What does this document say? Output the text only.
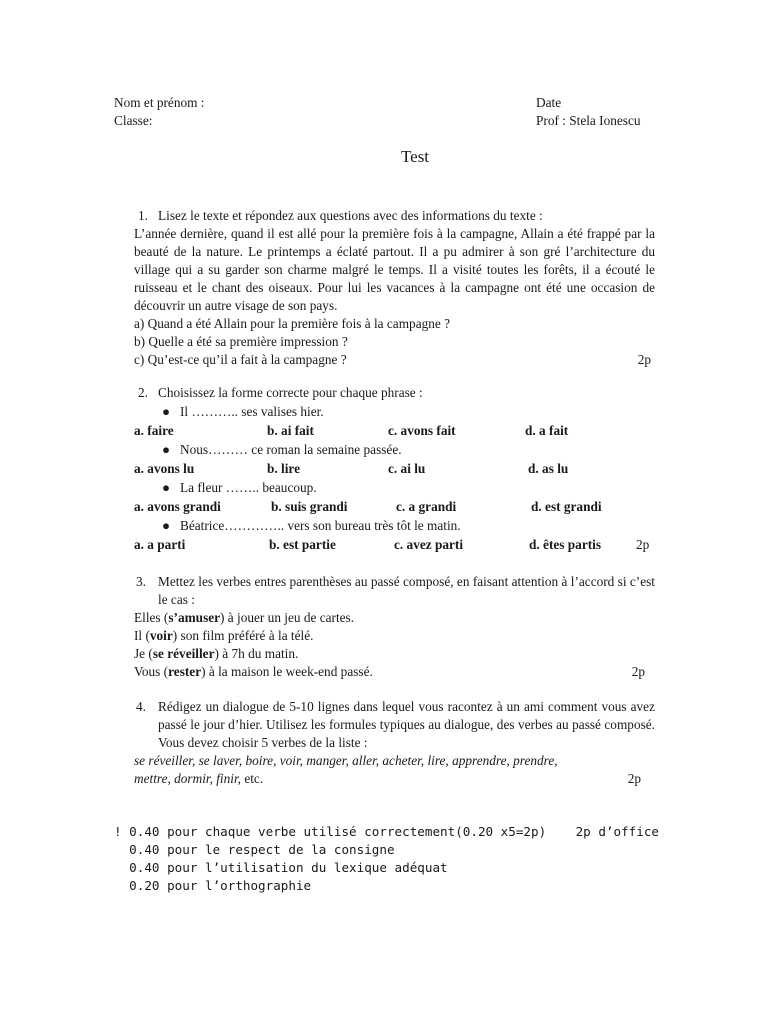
Nom et prénom :
Classe:
Date
Prof : Stela Ionescu
Test
1. Lisez le texte et répondez aux questions avec des informations du texte :
L’année dernière, quand il est allé pour la première fois à la campagne, Allain a été frappé par la beauté de la nature. Le printemps a éclaté partout. Il a pu admirer à son gré l’architecture du village qui a su garder son charme malgré le temps. Il a visité toutes les forêts, il a écouté le ruisseau et le chant des oiseaux. Pour lui les vacances à la campagne ont été une occasion de découvrir un autre visage de son pays.
a) Quand a été Allain pour la première fois à la campagne ?
b) Quelle a été sa première impression ?
c) Qu’est-ce qu’il a fait à la campagne ?	2p
2. Choisissez la forme correcte pour chaque phrase :
● Il ……….. ses valises hier.
a. faire	b. ai fait	c. avons fait	d. a fait
● Nous……… ce roman la semaine passée.
a. avons lu	b. lire	c. ai lu	d. as lu
● La fleur …….. beaucoup.
a. avons grandi	b. suis grandi	c. a grandi	d. est grandi
● Béatrice………….. vers son bureau très tôt le matin.
a. a parti	b. est partie	c. avez parti	d. êtes partis	2p
3. Mettez les verbes entres parenthèses au passé composé, en faisant attention à l’accord si c’est le cas :
Elles (s’amuser) à jouer un jeu de cartes.
Il (voir) son film préféré à la télé.
Je (se réveiller) à 7h du matin.
Vous (rester) à la maison le week-end passé.	2p
4. Rédigez un dialogue de 5-10 lignes dans lequel vous racontez à un ami comment vous avez passé le jour d’hier. Utilisez les formules typiques au dialogue, des verbes au passé composé. Vous devez choisir 5 verbes de la liste :
se réveiller, se laver, boire, voir, manger, aller, acheter, lire, apprendre, prendre,
mettre, dormir, finir, etc.	2p
! 0.40 pour chaque verbe utilisé correctement(0.20 x5=2p) 2p d’office
0.40 pour le respect de la consigne
0.40 pour l’utilisation du lexique adéquat
0.20 pour l’orthographie
